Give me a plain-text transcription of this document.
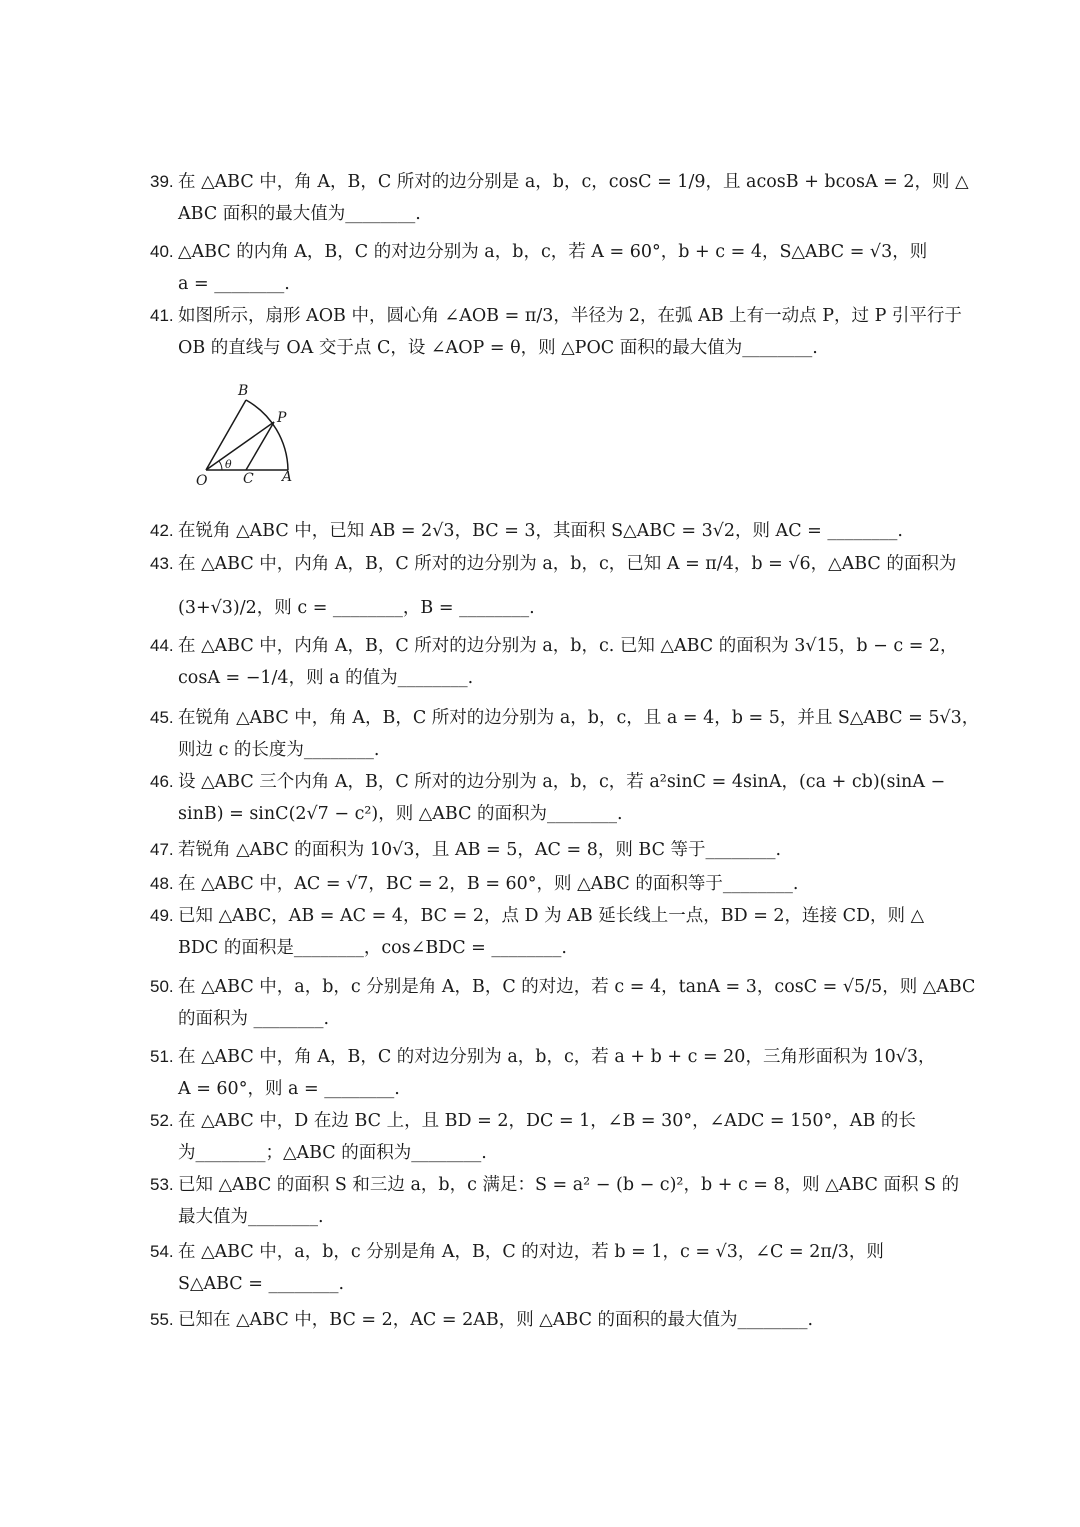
39. 在 △ABC 中，角 A，B，C 所对的边分别是 a，b，c，cosC = 1/9，且 acosB + bcosA = 2，则 △
ABC 面积的最大值为________.
40. △ABC 的内角 A，B，C 的对边分别为 a，b，c，若 A = 60°，b + c = 4，S△ABC = √3，则
a = ________.
41. 如图所示，扇形 AOB 中，圆心角 ∠AOB = π/3，半径为 2，在弧 AB 上有一动点 P，过 P 引平行于
OB 的直线与 OA 交于点 C，设 ∠AOP = θ，则 △POC 面积的最大值为________.
B
P
O	C A
θ
42. 在锐角 △ABC 中，已知 AB = 2√3，BC = 3，其面积 S△ABC = 3√2，则 AC = ________.
43. 在 △ABC 中，内角 A，B，C 所对的边分别为 a，b，c，已知 A = π/4，b = √6，△ABC 的面积为
(3+√3)/2，则 c = ________，B = ________.
44. 在 △ABC 中，内角 A，B，C 所对的边分别为 a，b，c. 已知 △ABC 的面积为 3√15，b − c = 2，
cosA = −1/4，则 a 的值为________.
45. 在锐角 △ABC 中，角 A，B，C 所对的边分别为 a，b，c，且 a = 4，b = 5，并且 S△ABC = 5√3，
则边 c 的长度为________.
46. 设 △ABC 三个内角 A，B，C 所对的边分别为 a，b，c，若 a²sinC = 4sinA，(ca + cb)(sinA −
sinB) = sinC(2√7 − c²)，则 △ABC 的面积为________.
47. 若锐角 △ABC 的面积为 10√3，且 AB = 5，AC = 8，则 BC 等于________.
48. 在 △ABC 中，AC = √7，BC = 2，B = 60°，则 △ABC 的面积等于________.
49. 已知 △ABC，AB = AC = 4，BC = 2，点 D 为 AB 延长线上一点，BD = 2，连接 CD，则 △
BDC 的面积是________，cos∠BDC = ________.
50. 在 △ABC 中，a，b，c 分别是角 A，B，C 的对边，若 c = 4，tanA = 3，cosC = √5/5，则 △ABC
的面积为 ________.
51. 在 △ABC 中，角 A，B，C 的对边分别为 a，b，c，若 a + b + c = 20，三角形面积为 10√3，
A = 60°，则 a = ________.
52. 在 △ABC 中，D 在边 BC 上，且 BD = 2，DC = 1，∠B = 30°，∠ADC = 150°，AB 的长
为________；△ABC 的面积为________.
53. 已知 △ABC 的面积 S 和三边 a，b，c 满足：S = a² − (b − c)²，b + c = 8，则 △ABC 面积 S 的
最大值为________.
54. 在 △ABC 中，a，b，c 分别是角 A，B，C 的对边，若 b = 1，c = √3，∠C = 2π/3，则
S△ABC = ________.
55. 已知在 △ABC 中，BC = 2，AC = 2AB，则 △ABC 的面积的最大值为________.
